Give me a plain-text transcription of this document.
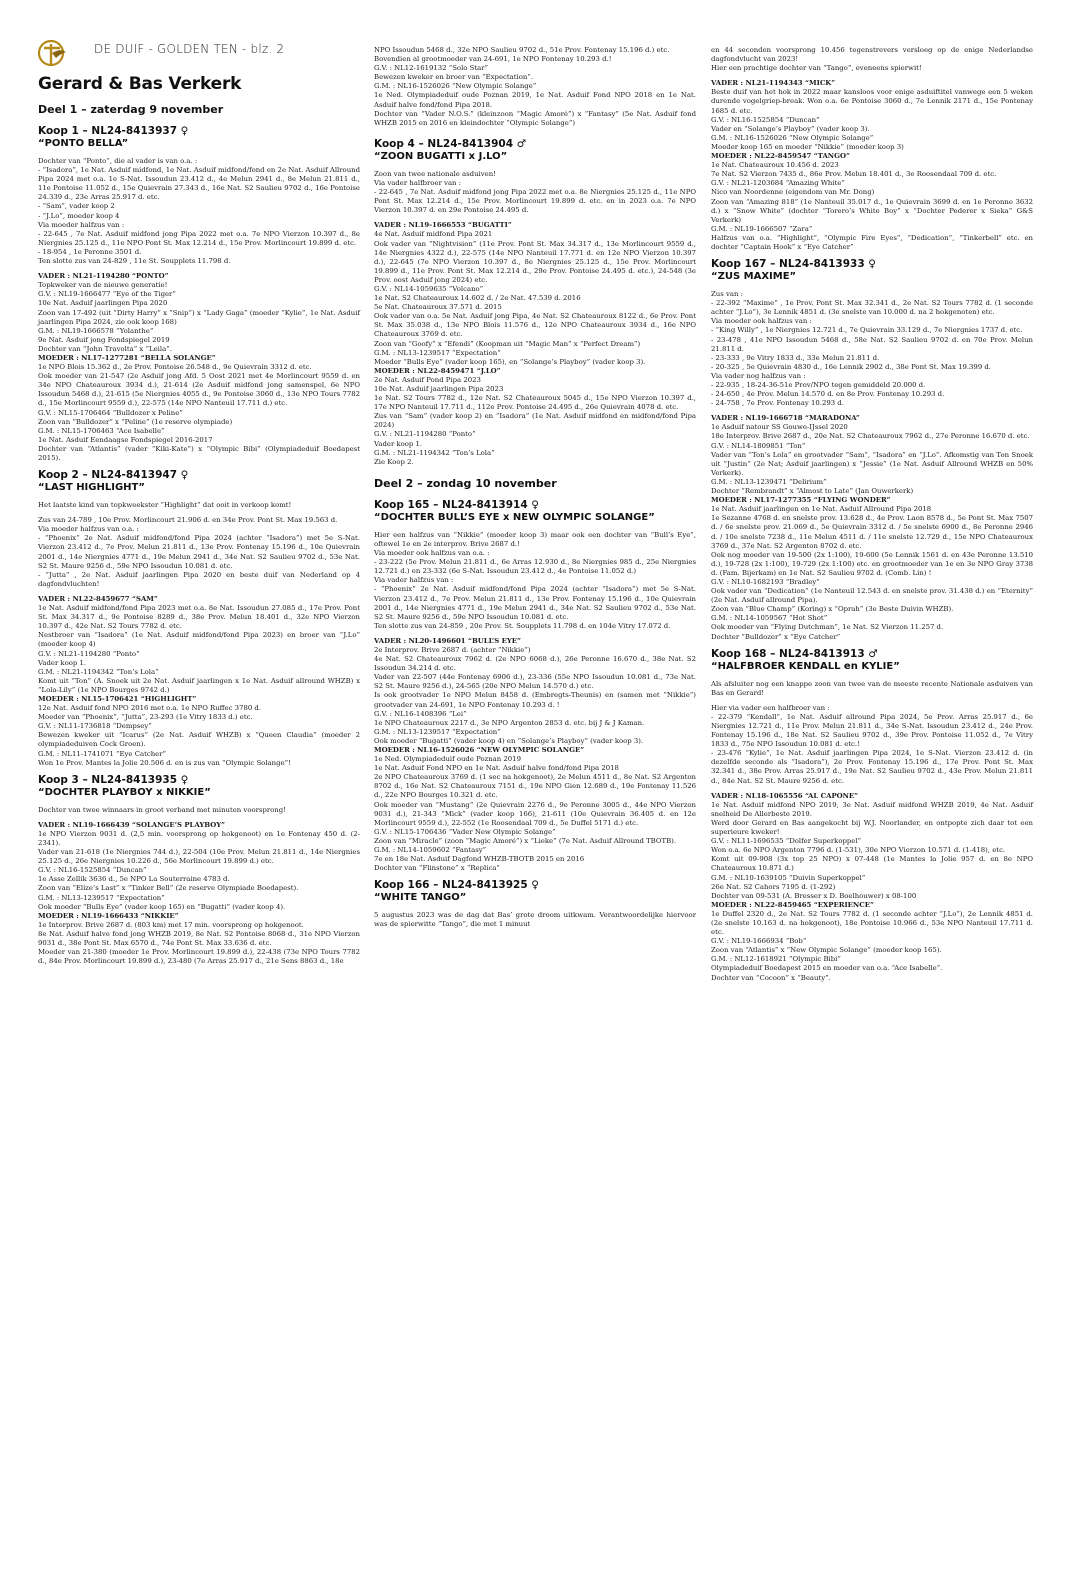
DE DUIF - GOLDEN TEN - blz. 2
Gerard & Bas Verkerk
Deel 1 – zaterdag 9 november
Koop 1 – NL24-8413937 ♀
“PONTO BELLA”

Dochter van “Ponto”, die al vader is van o.a. :

- “Isadora”, 1e Nat. Asduif midfond, 1e Nat. Asduif midfond/fond en 2e Nat. Asduif Allround Pipa 2024 met o.a. 1e S-Nat. Issoudun 23.412 d., 4e Melun 2941 d., 8e Melun 21.811 d., 11e Pontoise 11.052 d., 15e Quievrain 27.343 d., 16e Nat. S2 Saulieu 9702 d., 16e Pontoise 24.339 d., 23e Arras 25.917 d. etc.

- “Sam”, vader koop 2

- “J.Lo”, moeder koop 4

Via moeder halfzus van :

- 22-645 , 7e Nat. Asduif midfond jong Pipa 2022 met o.a. 7e NPO Vierzon 10.397 d., 8e Niergnies 25.125 d., 11e NPO Pont St. Max 12.214 d., 15e Prov. Morlincourt 19.899 d. etc.

- 18-954 , 1e Peronne 3501 d.

Ten slotte zus van 24-829 , 11e St. Soupplets 11.798 d.

VADER : NL21-1194280 “PONTO”

Topkweker van de nieuwe generatie!

G.V. : NL19-1666477 “Eye of the Tiger”

10e Nat. Asduif jaarlingen Pipa 2020

Zoon van 17-492 (uit “Dirty Harry” x “Snip”) x “Lady Gaga” (moeder “Kylie”, 1e Nat. Asduif jaarlingen Pipa 2024, zie ook koop 168)

G.M. : NL19-1666578 “Yolanthe”

9e Nat. Asduif jong Fondspiegel 2019

Dochter van “John Travolta” x “Leila”.

MOEDER : NL17-1277281 “BELLA SOLANGE”

1e NPO Blois 15.362 d., 2e Prov. Pontoise 26.548 d., 9e Quievrain 3312 d. etc.

Ook moeder van 21-547 (2e Asduif jong Afd. 5 Oost 2021 met 4e Morlincourt 9559 d. en 34e NPO Chateauroux 3934 d.), 21-614 (2e Asduif midfond jong samenspel, 6e NPO Issoudun 5468 d.), 21-615 (5e Niergnies 4055 d., 9e Pontoise 3060 d., 13e NPO Tours 7782 d., 15e Morlincourt 9559 d.), 22-575 (14e NPO Nanteuil 17.711 d.) etc.

G.V. : NL15-1706464 “Bulldozer x Peline”

Zoon van “Bulldozer” x “Peline” (1e reserve olympiade)

G.M. : NL15-1706463 “Ace Isabelle”

1e Nat. Asduif Eendaagse Fondspiegel 2016-2017

Dochter van “Atlantis” (vader “Kiki-Kate”) x “Olympic Bibi” (Olympiadeduif Boedapest 2015).

Koop 2 – NL24-8413947 ♀
“LAST HIGHLIGHT”

Het laatste kind van topkweekster “Highlight” dat ooit in verkoop komt!

Zus van 24-789 , 10e Prov. Morlincourt 21.906 d. en 34e Prov. Pont St. Max 19.563 d.

Via moeder halfzus van o.a. :

- “Phoenix” 2e Nat. Asduif midfond/fond Pipa 2024 (achter “Isadora”) met 5e S-Nat. Vierzon 23.412 d., 7e Prov. Melun 21.811 d., 13e Prov. Fontenay 15.196 d., 10e Quievrain 2001 d., 14e Niergnies 4771 d., 19e Melun 2941 d., 34e Nat. S2 Saulieu 9702 d., 53e Nat. S2 St. Maure 9256 d., 59e NPO Issoudun 10.081 d. etc.

- “Jutta” , 2e Nat. Asduif jaarlingen Pipa 2020 en beste duif van Nederland op 4 dagfondvluchten!

VADER : NL22-8459677 “SAM”

1e Nat. Asduif midfond/fond Pipa 2023 met o.a. 8e Nat. Issoudun 27.085 d., 17e Prov. Pont St. Max 34.317 d., 9e Pontoise 8289 d., 38e Prov. Melun 18.401 d., 32e NPO Vierzon 10.397 d., 42e Nat. S2 Tours 7782 d. etc.

Nestbroer van “Isadora” (1e Nat. Asduif midfond/fond Pipa 2023) en broer van “J.Lo” (moeder koop 4)

G.V. : NL21-1194280 “Ponto”

Vader koop 1.

G.M. : NL21-1194342 “Ton’s Lola”

Komt uit “Ton” (A. Snoek uit 2e Nat. Asduif jaarlingen x 1e Nat. Asduif allround WHZB) x “Lola-Lily” (1e NPO Bourges 9742 d.)

MOEDER : NL15-1706421 “HIGHLIGHT”

12e Nat. Asduif fond NPO 2016 met o.a. 1e NPO Ruffec 3780 d.

Moeder van “Phoenix”, “Jutta”, 23-293 (1e Vitry 1833 d.) etc.

G.V. : NL11-1736818 “Dempsey”

Bewezen kweker uit “Icarus” (2e Nat. Asduif WHZB) x “Queen Claudia” (moeder 2 olympiadeduiven Cock Groen).

G.M. : NL11-1741071 “Eye Catcher”

Won 1e Prov. Mantes la Jolie 20.506 d. en is zus van “Olympic Solange”!

Koop 3 – NL24-8413935 ♀
“DOCHTER PLAYBOY x NIKKIE”

Dochter van twee winnaars in groot verband met minuten voorsprong!

VADER : NL19-1666439 “SOLANGE’S PLAYBOY”

1e NPO Vierzon 9031 d. (2,5 min. voorsprong op hokgenoot) en 1e Fontenay 450 d. (2-2341).

Vader van 21-618 (1e Niergnies 744 d.), 22-504 (10e Prov. Melun 21.811 d., 14e Niergnies 25.125 d., 26e Niergnies 10.226 d., 56e Morlincourt 19.899 d.) etc.

G.V. : NL16-1525854 “Duncan”

1e Asse Zellik 3636 d., 5e NPO La Souterraine 4783 d.

Zoon van “Elize’s Last” x “Tinker Bell” (2e reserve Olympiade Boedapest).

G.M. : NL13-1239517 “Expectation”

Ook moeder “Bulls Eye” (vader koop 165) en “Bugatti” (vader koop 4).

MOEDER : NL19-1666433 “NIKKIE”

1e Interprov. Brive 2687 d. (803 km) met 17 min. voorsprong op hokgenoot.

8e Nat. Asduif halve fond jong WHZB 2019, 8e Nat. S2 Pontoise 8068 d., 31e NPO Vierzon 9031 d., 38e Pont St. Max 6570 d., 74e Pont St. Max 33.636 d. etc.

Moeder van 21-380 (moeder 1e Prov. Morlincourt 19.899 d.), 22-438 (73e NPO Tours 7782 d., 84e Prov. Morlincourt 19.899 d.), 23-480 (7e Arras 25.917 d., 21e Sens 8863 d., 18e

NPO Issoudun 5468 d., 32e NPO Saulieu 9702 d., 51e Prov. Fontenay 15.196 d.) etc.

Bovendien al grootmoeder van 24-691, 1e NPO Fontenay 10.293 d.!

G.V. : NL12-1619132 “Solo Star”

Bewezen kweker en broer van “Expectation”.

G.M. : NL16-1526026 “New Olympic Solange”

1e Ned. Olympiadeduif oude Poznan 2019, 1e Nat. Asduif Fond NPO 2018 en 1e Nat. Asduif halve fond/fond Pipa 2018.

Dochter van “Vader N.O.S.” (kleinzoon “Magic Amoré”) x “Fantasy” (5e Nat. Asduif fond WHZB 2015 en 2016 en kleindochter “Olympic Solange”)

Koop 4 – NL24-8413904 ♂
“ZOON BUGATTI x J.LO”

Zoon van twee nationale asduiven!

Via vader halfbroer van :

- 22-645 , 7e Nat. Asduif midfond jong Pipa 2022 met o.a. 8e Niergnies 25.125 d., 11e NPO Pont St. Max 12.214 d., 15e Prov. Morlincourt 19.899 d. etc. en in 2023 o.a. 7e NPO Vierzon 10.397 d. en 29e Pontoise 24.495 d.

VADER : NL19-1666553 “BUGATTI”

4e Nat. Asduif midfond Pipa 2021

Ook vader van “Nightvision” (11e Prov. Pont St. Max 34.317 d., 13e Morlincourt 9559 d., 14e Niergnies 4322 d.), 22-575 (14e NPO Nanteuil 17.771 d. en 12e NPO Vierzon 10.397 d.), 22-645 (7e NPO Vierzon 10.397 d., 8e Niergnies 25.125 d., 15e Prov. Morlincourt 19.899 d., 11e Prov. Pont St. Max 12.214 d., 29e Prov. Pontoise 24.495 d. etc.), 24-548 (3e Prov. oost Asduif jong 2024) etc.

G.V. : NL14-1059635 “Volcano”

1e Nat. S2 Chateauroux 14.602 d. / 2e Nat. 47.539 d. 2016

5e Nat. Chateauroux 37.571 d. 2015

Ook vader van o.a. 5e Nat. Asduif jong Pipa, 4e Nat. S2 Chateauroux 8122 d., 6e Prov. Pont St. Max 35.038 d., 13e NPO Blois 11.576 d., 12e NPO Chateauroux 3934 d., 16e NPO Chateauroux 3769 d. etc.

Zoon van “Goofy” x “Efendi” (Koopman uit “Magic Man” x “Perfect Dream”)

G.M. : NL13-1239517 “Expectation”

Moeder “Bulls Eye” (vader koop 165), en “Solange’s Playboy” (vader koop 3).

MOEDER : NL22-8459471 “J.LO”

2e Nat. Asduif Pond Pipa 2023

10e Nat. Asduif jaarlingen Pipa 2023

1e Nat. S2 Tours 7782 d., 12e Nat. S2 Chateauroux 5045 d., 15e NPO Vierzon 10.397 d., 17e NPO Nanteuil 17.711 d., 112e Prov. Pontoise 24.495 d., 26e Quievrain 4078 d. etc.

Zus van “Sam” (vader koop 2) en “Isadora” (1e Nat. Asduif midfond en midfond/fond Pipa 2024)

G.V. : NL21-1194280 “Ponto”

Vader koop 1.

G.M. : NL21-1194342 “Ton’s Lola”

Zie Koop 2.

Deel 2 – zondag 10 november
Koop 165 – NL24-8413914 ♀
“DOCHTER BULL’S EYE x NEW OLYMPIC SOLANGE”

Hier een halfzus van “Nikkie” (moeder koop 3) maar ook een dochter van “Bull’s Eye”, oftewel 1e en 2e interprov. Brive 2687 d.!

Via moeder ook halfzus van o.a. :

- 23-222 (5e Prov. Melun 21.811 d., 6e Arras 12.930 d., 8e Niergnies 985 d., 25e Niergnies 12.721 d.) en 23-332 (6e S-Nat. Issoudun 23.412 d., 4e Pontoise 11.052 d.)

Via vader halfzus van :

- “Phoenix” 2e Nat. Asduif midfond/fond Pipa 2024 (achter “Isadora”) met 5e S-Nat. Vierzon 23.412 d., 7e Prov. Melun 21.811 d., 13e Prov. Fontenay 15.196 d., 10e Quievrain 2001 d., 14e Niergnies 4771 d., 19e Melun 2941 d., 34e Nat. S2 Saulieu 9702 d., 53e Nat. S2 St. Maure 9256 d., 59e NPO Issoudun 10.081 d. etc.

Ten slotte zus van 24-859 , 20e Prov. St. Soupplets 11.798 d. en 104e Vitry 17.072 d.

VADER : NL20-1496601 “BULL’S EYE”

2e Interprov. Brive 2687 d. (achter “Nikkie”)

4e Nat. S2 Chateauroux 7962 d. (2e NPO 6068 d.), 26e Peronne 16.670 d., 38e Nat. S2 Issoudun 34.214 d. etc.

Vader van 22-507 (44e Fontenay 6906 d.), 23-336 (55e NPO Issoudun 10.081 d., 73e Nat. S2 St. Maure 9256 d.), 24-565 (20e NPO Melun 14.570 d.) etc.

Is ook grootvader 1e NPO Melun 8458 d. (Embregts-Theunis) en (samen met “Nikkie”) grootvader van 24-691, 1e NPO Fontenay 10.293 d. !

G.V. : NL16-1408396 “Lei”

1e NPO Chateauroux 2217 d., 3e NPO Argenton 2853 d. etc. bij J & J Kaman.

G.M. : NL13-1239517 “Expectation”

Ook moeder “Bugatti” (vader koop 4) en “Solange’s Playboy” (vader koop 3).

MOEDER : NL16-1526026 “NEW OLYMPIC SOLANGE”

1e Ned. Olympiadeduif oude Poznan 2019

1e Nat. Asduif Fond NPO en 1e Nat. Asduif halve fond/fond Pipa 2018

2e NPO Chateauroux 3769 d. (1 sec na hokgenoot), 2e Melun 4511 d., 8e Nat. S2 Argenton 8702 d., 16e Nat. S2 Chateauroux 7151 d., 19e NPO Gien 12.689 d., 19e Fontenay 11.526 d., 22e NPO Bourges 10.321 d. etc.

Ook moeder van “Mustang” (2e Quievrain 2276 d., 9e Peronne 3005 d., 44e NPO Vierzon 9031 d.), 21-343 “Mick” (vader koop 166), 21-611 (10e Quievrain 36.405 d. en 12e Morlincourt 9559 d.), 22-552 (1e Roosendaal 709 d., 5e Duffel 5171 d.) etc.

G.V. : NL15-1706436 “Vader New Olympic Solange”

Zoon van “Miracle” (zoon “Magic Amoré”) x “Lieke” (7e Nat. Asduif Allround TBOTB).

G.M. : NL14-1059602 “Fantasy”

7e en 18e Nat. Asduif Dagfond WHZB-TBOTB 2015 en 2016

Dochter van “Flinstone” x “Replica”

Koop 166 – NL24-8413925 ♀
“WHITE TANGO”

5 augustus 2023 was de dag dat Bas’ grote droom uitkwam. Verantwoordelijke hiervoor was de spierwitte “Tango”, die met 1 minuut

en 44 seconden voorsprong 10.456 tegenstrevers versloeg op de enige Nederlandse dagfondvlucht van 2023!

Hier een prachtige dochter van “Tango”, eveneens spierwit!

VADER : NL21-1194343 “MICK”

Beste duif van het hok in 2022 maar kansloos voor enige asduiftitel vanwege een 5 weken durende vogelgriep-break. Won o.a. 6e Pontoise 3060 d., 7e Lennik 2171 d., 15e Pontenay 1685 d. etc.

G.V. : NL16-1525854 “Duncan”

Vader en “Solange’s Playboy” (vader koop 3).

G.M. : NL16-1526026 “New Olympic Solange”

Moeder koop 165 en moeder “Nikkie” (moeder koop 3)

MOEDER : NL22-8459547 “TANGO”

1e Nat. Chateauroux 10.456 d. 2023

7e Nat. S2 Vierzon 7435 d., 86e Prov. Melun 18.401 d., 3e Roosendaal 709 d. etc.

G.V. : NL21-1203684 “Amazing White”

Nico van Noordenne (eigendom van Mr. Dong)

Zoon van “Amazing 818” (1e Nanteuil 35.017 d., 1e Quievrain 3699 d. en 1e Peronne 3632 d.) x “Snow White” (dochter “Torero’s White Boy” x “Dochter Pederer x Sieka” G&S Verkerk)

G.M. : NL19-1666507 “Zara”

Halfzus van o.a. “Highlight”, “Olympic Fire Eyes”, “Dedication”, “Tinkerbell” etc. en dochter “Captain Hook” x “Eye Catcher”

Koop 167 – NL24-8413933 ♀
“ZUS MAXIME”

Zus van :

- 22-392 “Maxime” , 1e Prov. Pont St. Max 32.341 d., 2e Nat. S2 Tours 7782 d. (1 seconde achter “J.Lo”), 3e Lennik 4851 d. (3e snelste van 10.000 d. na 2 hokgenoten) etc.

Via moeder ook halfzus van :

- “King Willy” , 1e Niergnies 12.721 d., 7e Quievrain 33.129 d., 7e Niergnies 1737 d. etc.

- 23-478 , 41e NPO Issoudun 5468 d., 58e Nat. S2 Saulieu 9702 d. en 70e Prov. Melun 21.811 d.

- 23-333 , 9e Vitry 1833 d., 33e Melun 21.811 d.

- 20-325 , 5e Quievrain 4830 d., 16e Lennik 2902 d., 38e Pont St. Max 19.399 d.

Via vader nog halfzus van :

- 22-935 , 18-24-36-51e Prov/NPO tegen gemiddeld 20.000 d.

- 24-650 , 4e Prov. Melun 14.570 d. en 8e Prov. Fontenay 10.293 d.

- 24-758 , 7e Prov. Fontenay 10.293 d.

VADER : NL19-1666718 “MARADONA”

1e Asduif natour SS Gouwe-IJssel 2020

18e Interprov. Brive 2687 d., 20e Nat. S2 Chateauroux 7962 d., 27e Peronne 16.670 d. etc.

G.V. : NL14-1809851 “Ton”

Vader van “Ton’s Lola” en grootvader “Sam”, “Isadora” en “J.Lo”. Afkomstig van Ton Snoek uit “Justin” (2e Nat; Asduif jaarlingen) x “Jessie” (1e Nat. Asduif Allround WHZB en 50% Verkerk).

G.M. : NL13-1239471 “Delirium”

Dochter “Rembrandt” x “Almost to Late” (Jan Ouwerkerk)

MOEDER : NL17-1277355 “FLYING WONDER”

1e Nat. Asduif jaarlingen en 1e Nat. Asduif Allround Pipa 2018

1e Sezanne 4768 d. en snelste prov. 13.628 d., 4e Prov. Laon 8578 d., 5e Pont St. Max 7507 d. / 6e snelste prov. 21.069 d., 5e Quievrain 3312 d. / 5e snelste 6900 d., 8e Peronne 2946 d. / 10e snelste 7238 d., 11e Melun 4511 d. / 11e snelste 12.729 d., 15e NPO Chateauroux 3769 d., 37e Nat. S2 Argenton 8702 d. etc.

Ook nog moeder van 19-500 (2x 1:100), 19-600 (5e Lennik 1561 d. en 43e Peronne 13.510 d.), 19-728 (2x 1:100), 19-729 (2x 1:100) etc. en grootmoeder van 1e en 3e NPO Gray 3738 d. (Fam. Bijerkam) en 1e Nat. S2 Saulieu 9702 d. (Comb. Lin) !

G.V. : NL10-1682193 “Bradley”

Ook vader van “Dedication” (1e Nanteuil 12.543 d. en snelste prov. 31.438 d.) en “Eternity” (2e Nat. Asduif allround Pipa).

Zoon van “Blue Champ” (Koring) x “Oprah” (3e Beste Duivin WHZB).

G.M. : NL14-1059567 “Hot Shot”

Ook moeder van “Flying Dutchman”, 1e Nat. S2 Vierzon 11.257 d.

Dochter “Bulldozer” x “Eye Catcher”

Koop 168 – NL24-8413913 ♂
“HALFBROER KENDALL en KYLIE”

Als afsluiter nog een knappe zoon van twee van de meeste recente Nationale asduiven van Bas en Gerard!

Hier via vader een halfbroer van :

- 22-379 “Kendall”, 1e Nat. Asduif allround Pipa 2024, 5e Prov. Arras 25.917 d., 6e Niergnies 12.721 d., 11e Prov. Melun 21.811 d., 34e S-Nat. Issoudun 23.412 d., 24e Prov. Fontenay 15.196 d., 18e Nat. S2 Saulieu 9702 d., 39e Prov. Pontoise 11.052 d., 7e Vitry 1833 d., 75e NPO Issoudun 10.081 d. etc.!

- 23-476 “Kylie”, 1e Nat. Asduif jaarlingen Pipa 2024, 1e S-Nat. Vierzon 23.412 d. (in dezelfde seconde als “Isadora”), 2e Prov. Fontenay 15.196 d., 17e Prov. Pont St. Max 32.341 d., 38e Prov. Arras 25.917 d., 19e Nat. S2 Saulieu 9702 d., 43e Prov. Melun 21.811 d., 84e Nat. S2 St. Maure 9256 d. etc.

VADER : NL18-1065556 “AL CAPONE”

1e Nat. Asduif midfond NPO 2019, 3e Nat. Asduif midfond WHZB 2019, 4e Nat. Asduif snelheid De Allerbeste 2019.

Werd door Gerard en Bas aangekocht bij W.J. Noorlander, en ontpopte zich daar tot een superieure kweker!

G.V. : NL11-1696535 “Dolfer Superkoppel”

Won o.a. 6e NPO Argenton 7796 d. (1-531), 30e NPO Vierzon 10.571 d. (1-418), etc.

Komt uit 09-908 (3x top 25 NPO) x 07-448 (1e Mantes la Jolie 957 d. en 8e NPO Chateauroux 10.871 d.)

G.M. : NL10-1639105 “Duivin Superkoppel”

26e Nat. S2 Cahors 7195 d. (1-292)

Dochter van 09-531 (A. Bresser x D. Boelhouwer) x 08-100

MOEDER : NL22-8459465 “EXPERIENCE”

1e Duffel 2320 d., 2e Nat. S2 Tours 7782 d. (1 seconde achter “J.Lo”), 2e Lennik 4851 d. (2e snelste 10.163 d. na hokgenoot), 18e Pontoise 10.966 d., 53e NPO Nanteuil 17.711 d. etc.

G.V. : NL19-1666934 “Bob”

Zoon van “Atlantis” x “New Olympic Solange” (moeder koop 165).

G.M. : NL12-1618921 “Olympic Bibi”

Olympiadeduif Boedapest 2015 en moeder van o.a. “Ace Isabelle”.

Dochter van “Cocoon” x “Beauty”.
